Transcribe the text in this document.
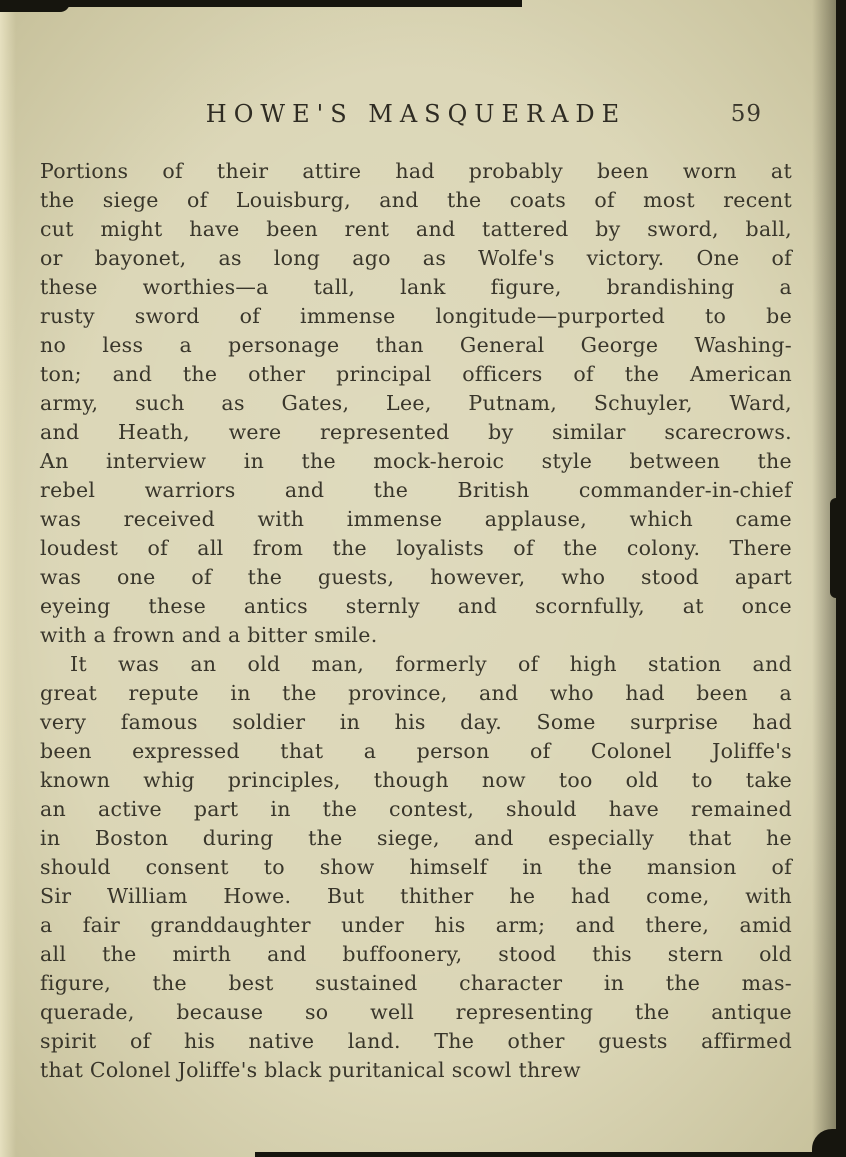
HOWE'S MASQUERADE	59
Portions of their attire had probably been worn at
the siege of Louisburg, and the coats of most recent
cut might have been rent and tattered by sword, ball,
or bayonet, as long ago as Wolfe's victory. One of
these worthies—a tall, lank figure, brandishing a
rusty sword of immense longitude—purported to be
no less a personage than General George Washing-
ton; and the other principal officers of the American
army, such as Gates, Lee, Putnam, Schuyler, Ward,
and Heath, were represented by similar scarecrows.
An interview in the mock-heroic style between the
rebel warriors and the British commander-in-chief
was received with immense applause, which came
loudest of all from the loyalists of the colony. There
was one of the guests, however, who stood apart
eyeing these antics sternly and scornfully, at once
with a frown and a bitter smile.
It was an old man, formerly of high station and
great repute in the province, and who had been a
very famous soldier in his day. Some surprise had
been expressed that a person of Colonel Joliffe's
known whig principles, though now too old to take
an active part in the contest, should have remained
in Boston during the siege, and especially that he
should consent to show himself in the mansion of
Sir William Howe. But thither he had come, with
a fair granddaughter under his arm; and there, amid
all the mirth and buffoonery, stood this stern old
figure, the best sustained character in the mas-
querade, because so well representing the antique
spirit of his native land. The other guests affirmed
that Colonel Joliffe's black puritanical scowl threw
